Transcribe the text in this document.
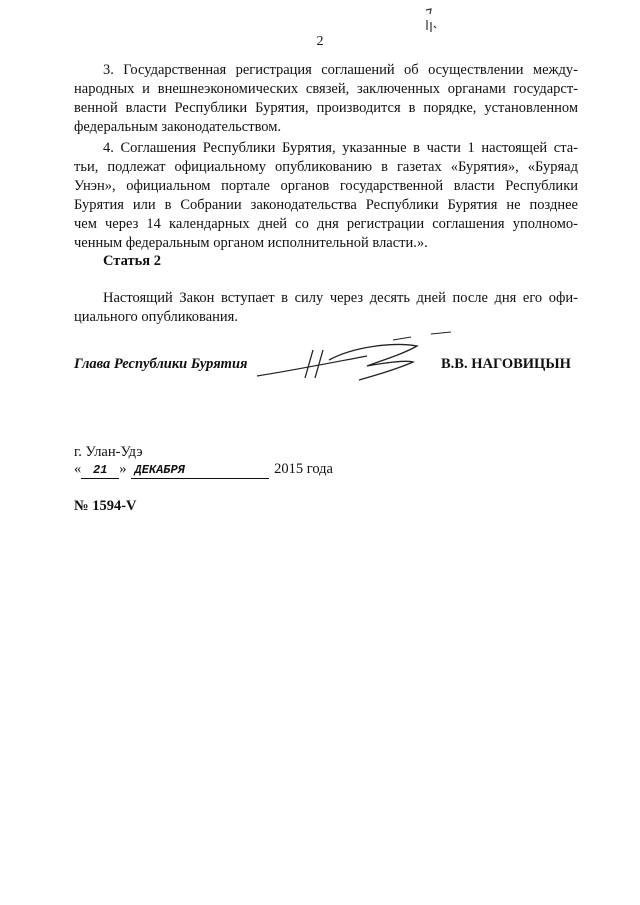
2

3. Государственная регистрация соглашений об осуществлении между-
народных и внешнеэкономических связей, заключенных органами государст-
венной власти Республики Бурятия, производится в порядке, установленном
федеральным законодательством.

4. Соглашения Республики Бурятия, указанные в части 1 настоящей ста-
тьи, подлежат официальному опубликованию в газетах «Бурятия», «Буряад
Унэн», официальном портале органов государственной власти Республики
Бурятия или в Собрании законодательства Республики Бурятия не позднее
чем через 14 календарных дней со дня регистрации соглашения уполномо-
ченным федеральным органом исполнительной власти.».

Статья 2

Настоящий Закон вступает в силу через десять дней после дня его офи-
циального опубликования.

Глава Республики Бурятия	В.В. НАГОВИЦЫН
г. Улан-Удэ
« 21 » ДЕКАБРЯ	2015 года
№ 1594-V
